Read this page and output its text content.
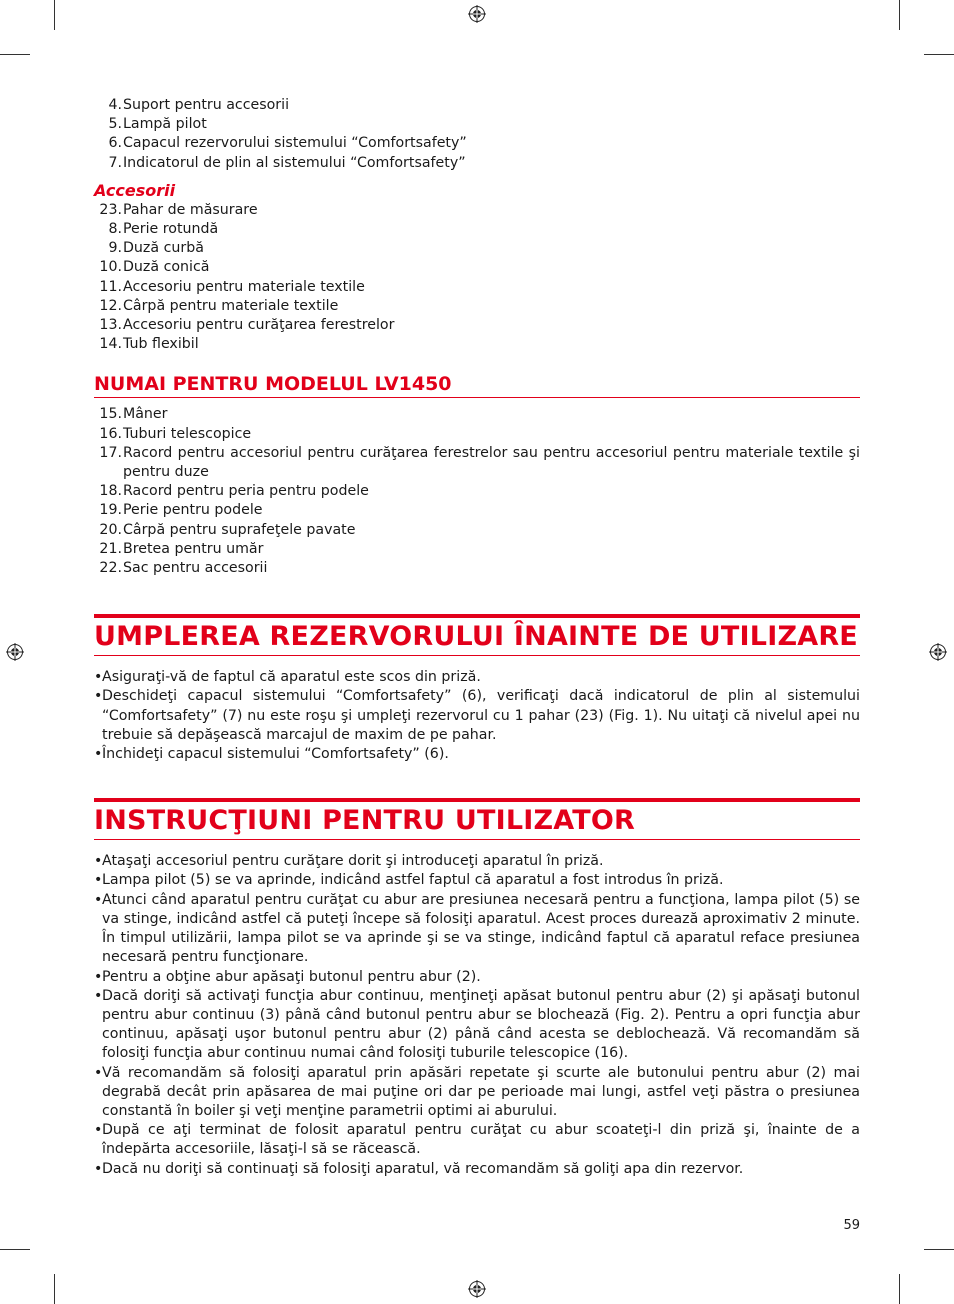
4. Suport pentru accesorii
5. Lampă pilot
6. Capacul rezervorului sistemului “Comfortsafety”
7. Indicatorul de plin al sistemului “Comfortsafety”
Accesorii
23. Pahar de măsurare
8. Perie rotundă
9. Duză curbă
10. Duză conică
11. Accesoriu pentru materiale textile
12. Cârpă pentru materiale textile
13. Accesoriu pentru curăţarea ferestrelor
14. Tub flexibil
NUMAI PENTRU MODELUL LV1450
15. Mâner
16. Tuburi telescopice
17. Racord pentru accesoriul pentru curăţarea ferestrelor sau pentru accesoriul pentru materiale textile şi pentru duze
18. Racord pentru peria pentru podele
19. Perie pentru podele
20. Cârpă pentru suprafeţele pavate
21. Bretea pentru umăr
22. Sac pentru accesorii
UMPLEREA REZERVORULUI ÎNAINTE DE UTILIZARE
• Asiguraţi-vă de faptul că aparatul este scos din priză.
• Deschideţi capacul sistemului “Comfortsafety” (6), verificaţi dacă indicatorul de plin al sistemului “Comfortsafety” (7) nu este roşu şi umpleţi rezervorul cu 1 pahar (23) (Fig. 1). Nu uitaţi că nivelul apei nu trebuie să depăşească marcajul de maxim de pe pahar.
• Închideţi capacul sistemului “Comfortsafety” (6).
INSTRUCŢIUNI PENTRU UTILIZATOR
• Ataşaţi accesoriul pentru curăţare dorit şi introduceţi aparatul în priză.
• Lampa pilot (5) se va aprinde, indicând astfel faptul că aparatul a fost introdus în priză.
• Atunci când aparatul pentru curăţat cu abur are presiunea necesară pentru a funcţiona, lampa pilot (5) se va stinge, indicând astfel că puteţi începe să folosiţi aparatul. Acest proces durează aproximativ 2 minute. În timpul utilizării, lampa pilot se va aprinde şi se va stinge, indicând faptul că aparatul reface presiunea necesară pentru funcţionare.
• Pentru a obţine abur apăsaţi butonul pentru abur (2).
• Dacă doriţi să activaţi funcţia abur continuu, menţineţi apăsat butonul pentru abur (2) şi apăsaţi butonul pentru abur continuu (3) până când butonul pentru abur se blochează (Fig. 2). Pentru a opri funcţia abur continuu, apăsaţi uşor butonul pentru abur (2) până când acesta se deblochează. Vă recomandăm să folosiţi funcţia abur continuu numai când folosiţi tuburile telescopice (16).
• Vă recomandăm să folosiţi aparatul prin apăsări repetate şi scurte ale butonului pentru abur (2) mai degrabă decât prin apăsarea de mai puţine ori dar pe perioade mai lungi, astfel veţi păstra o presiunea constantă în boiler şi veţi menţine parametrii optimi ai aburului.
• După ce aţi terminat de folosit aparatul pentru curăţat cu abur scoateţi-l din priză şi, înainte de a îndepărta accesoriile, lăsaţi-l să se răcească.
• Dacă nu doriţi să continuaţi să folosiţi aparatul, vă recomandăm să goliţi apa din rezervor.
59
